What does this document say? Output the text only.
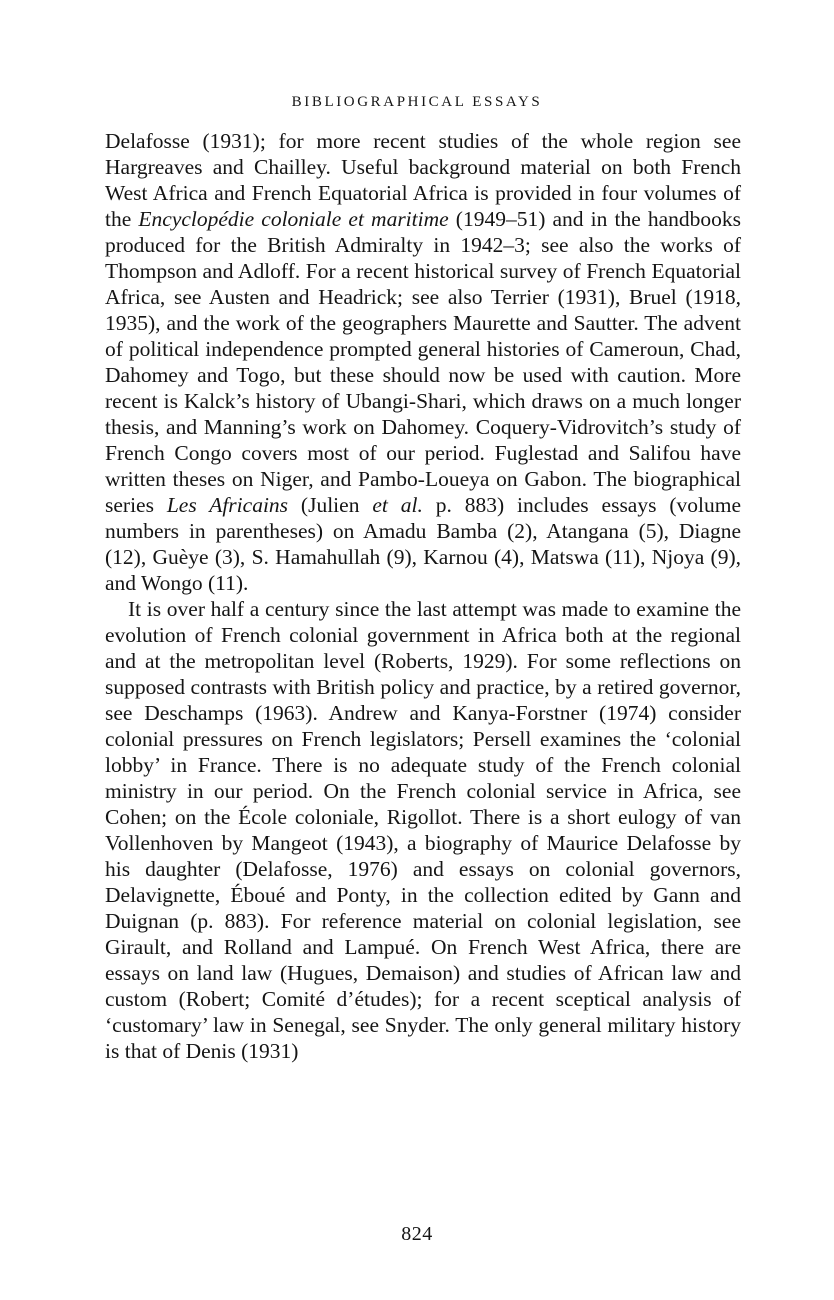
BIBLIOGRAPHICAL ESSAYS

Delafosse (1931); for more recent studies of the whole region see Hargreaves and Chailley. Useful background material on both French West Africa and French Equatorial Africa is provided in four volumes of the Encyclopédie coloniale et maritime (1949–51) and in the handbooks produced for the British Admiralty in 1942–3; see also the works of Thompson and Adloff. For a recent historical survey of French Equatorial Africa, see Austen and Headrick; see also Terrier (1931), Bruel (1918, 1935), and the work of the geographers Maurette and Sautter. The advent of political independence prompted general histories of Cameroun, Chad, Dahomey and Togo, but these should now be used with caution. More recent is Kalck’s history of Ubangi-Shari, which draws on a much longer thesis, and Manning’s work on Dahomey. Coquery-Vidrovitch’s study of French Congo covers most of our period. Fuglestad and Salifou have written theses on Niger, and Pambo-Loueya on Gabon. The biographical series Les Africains (Julien et al. p. 883) includes essays (volume numbers in parentheses) on Amadu Bamba (2), Atangana (5), Diagne (12), Guèye (3), S. Hamahullah (9), Karnou (4), Matswa (11), Njoya (9), and Wongo (11).

It is over half a century since the last attempt was made to examine the evolution of French colonial government in Africa both at the regional and at the metropolitan level (Roberts, 1929). For some reflections on supposed contrasts with British policy and practice, by a retired governor, see Deschamps (1963). Andrew and Kanya-Forstner (1974) consider colonial pressures on French legislators; Persell examines the ‘colonial lobby’ in France. There is no adequate study of the French colonial ministry in our period. On the French colonial service in Africa, see Cohen; on the École coloniale, Rigollot. There is a short eulogy of van Vollenhoven by Mangeot (1943), a biography of Maurice Delafosse by his daughter (Delafosse, 1976) and essays on colonial governors, Delavignette, Éboué and Ponty, in the collection edited by Gann and Duignan (p. 883). For reference material on colonial legislation, see Girault, and Rolland and Lampué. On French West Africa, there are essays on land law (Hugues, Demaison) and studies of African law and custom (Robert; Comité d’études); for a recent sceptical analysis of ‘customary’ law in Senegal, see Snyder. The only general military history is that of Denis (1931)

824
